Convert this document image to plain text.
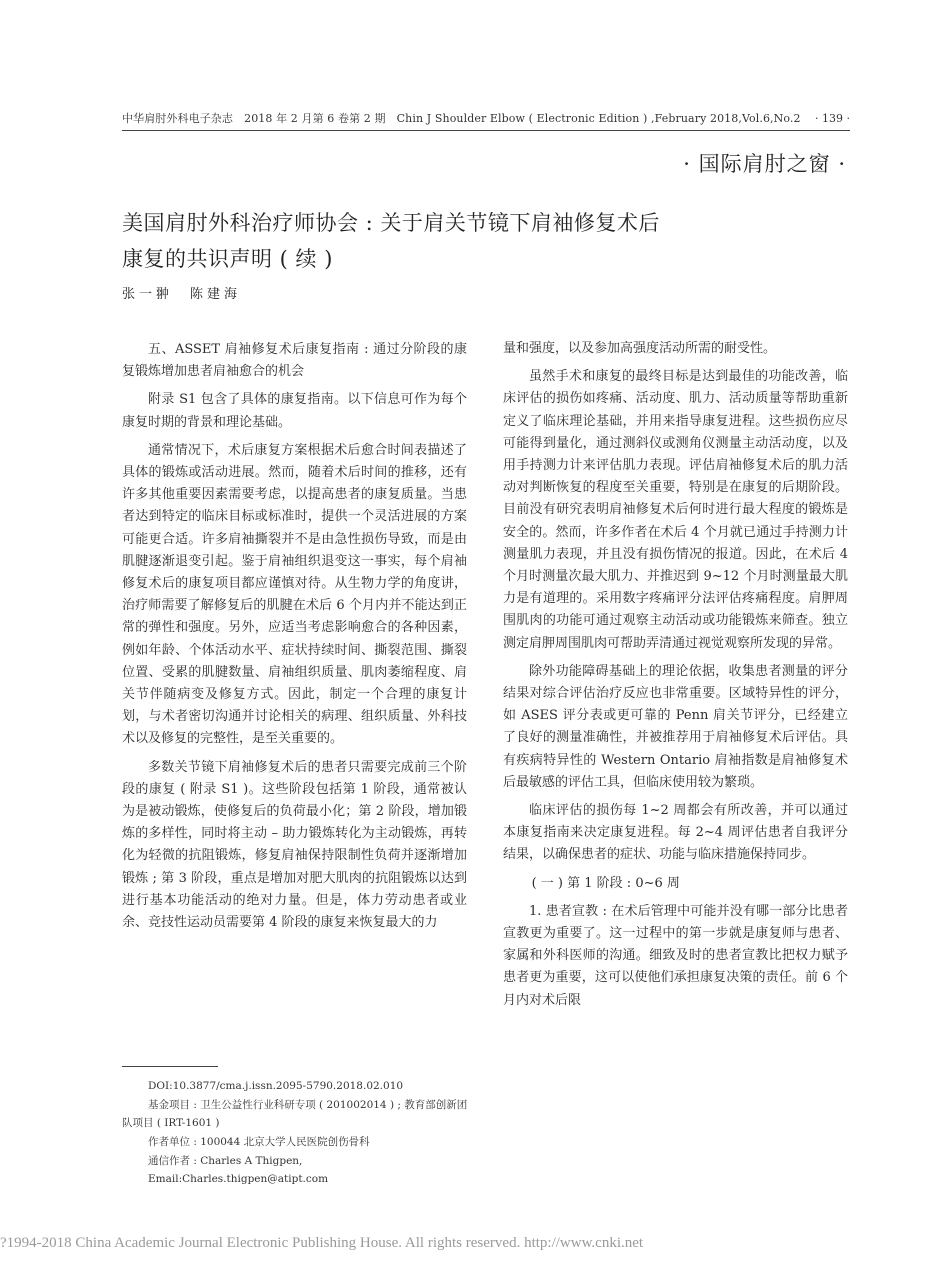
中华肩肘外科电子杂志　2018 年 2 月第 6 卷第 2 期　Chin J Shoulder Elbow ( Electronic Edition ) ,February 2018,Vol.6,No.2 · 139 ·
· 国际肩肘之窗 ·
美国肩肘外科治疗师协会 : 关于肩关节镜下肩袖修复术后
康复的共识声明 ( 续 )
张一翀　陈建海

五、ASSET 肩袖修复术后康复指南 : 通过分阶段的康复锻炼增加患者肩袖愈合的机会

附录 S1 包含了具体的康复指南。以下信息可作为每个康复时期的背景和理论基础。

通常情况下，术后康复方案根据术后愈合时间表描述了具体的锻炼或活动进展。然而，随着术后时间的推移，还有许多其他重要因素需要考虑，以提高患者的康复质量。当患者达到特定的临床目标或标准时，提供一个灵活进展的方案可能更合适。许多肩袖撕裂并不是由急性损伤导致，而是由肌腱逐渐退变引起。鉴于肩袖组织退变这一事实，每个肩袖修复术后的康复项目都应谨慎对待。从生物力学的角度讲，治疗师需要了解修复后的肌腱在术后 6 个月内并不能达到正常的弹性和强度。另外，应适当考虑影响愈合的各种因素，例如年龄、个体活动水平、症状持续时间、撕裂范围、撕裂位置、受累的肌腱数量、肩袖组织质量、肌肉萎缩程度、肩关节伴随病变及修复方式。因此，制定一个合理的康复计划，与术者密切沟通并讨论相关的病理、组织质量、外科技术以及修复的完整性，是至关重要的。

多数关节镜下肩袖修复术后的患者只需要完成前三个阶段的康复 ( 附录 S1 )。这些阶段包括第 1 阶段，通常被认为是被动锻炼，使修复后的负荷最小化；第 2 阶段，增加锻炼的多样性，同时将主动 – 助力锻炼转化为主动锻炼，再转化为轻微的抗阻锻炼，修复肩袖保持限制性负荷并逐渐增加锻炼 ; 第 3 阶段，重点是增加对肥大肌肉的抗阻锻炼以达到进行基本功能活动的绝对力量。但是，体力劳动患者或业余、竞技性运动员需要第 4 阶段的康复来恢复最大的力

量和强度，以及参加高强度活动所需的耐受性。

虽然手术和康复的最终目标是达到最佳的功能改善，临床评估的损伤如疼痛、活动度、肌力、活动质量等帮助重新定义了临床理论基础，并用来指导康复进程。这些损伤应尽可能得到量化，通过测斜仪或测角仪测量主动活动度，以及用手持测力计来评估肌力表现。评估肩袖修复术后的肌力活动对判断恢复的程度至关重要，特别是在康复的后期阶段。目前没有研究表明肩袖修复术后何时进行最大程度的锻炼是安全的。然而，许多作者在术后 4 个月就已通过手持测力计测量肌力表现，并且没有损伤情况的报道。因此，在术后 4 个月时测量次最大肌力、并推迟到 9~12 个月时测量最大肌力是有道理的。采用数字疼痛评分法评估疼痛程度。肩胛周围肌肉的功能可通过观察主动活动或功能锻炼来筛查。独立测定肩胛周围肌肉可帮助弄清通过视觉观察所发现的异常。

除外功能障碍基础上的理论依据，收集患者测量的评分结果对综合评估治疗反应也非常重要。区域特异性的评分，如 ASES 评分表或更可靠的 Penn 肩关节评分，已经建立了良好的测量准确性，并被推荐用于肩袖修复术后评估。具有疾病特异性的 Western Ontario 肩袖指数是肩袖修复术后最敏感的评估工具，但临床使用较为繁琐。

临床评估的损伤每 1~2 周都会有所改善，并可以通过本康复指南来决定康复进程。每 2~4 周评估患者自我评分结果，以确保患者的症状、功能与临床措施保持同步。

( 一 ) 第 1 阶段 : 0~6 周

1. 患者宣教 : 在术后管理中可能并没有哪一部分比患者宣教更为重要了。这一过程中的第一步就是康复师与患者、家属和外科医师的沟通。细致及时的患者宣教比把权力赋予患者更为重要，这可以使他们承担康复决策的责任。前 6 个月内对术后限

DOI:10.3877/cma.j.issn.2095-5790.2018.02.010

基金项目 : 卫生公益性行业科研专项 ( 201002014 ) ; 教育部创新团队项目 ( IRT-1601 )

作者单位 : 100044 北京大学人民医院创伤骨科

通信作者 : Charles A Thigpen, Email:Charles.thigpen@atipt.com

?1994-2018 China Academic Journal Electronic Publishing House. All rights reserved. http://www.cnki.net
